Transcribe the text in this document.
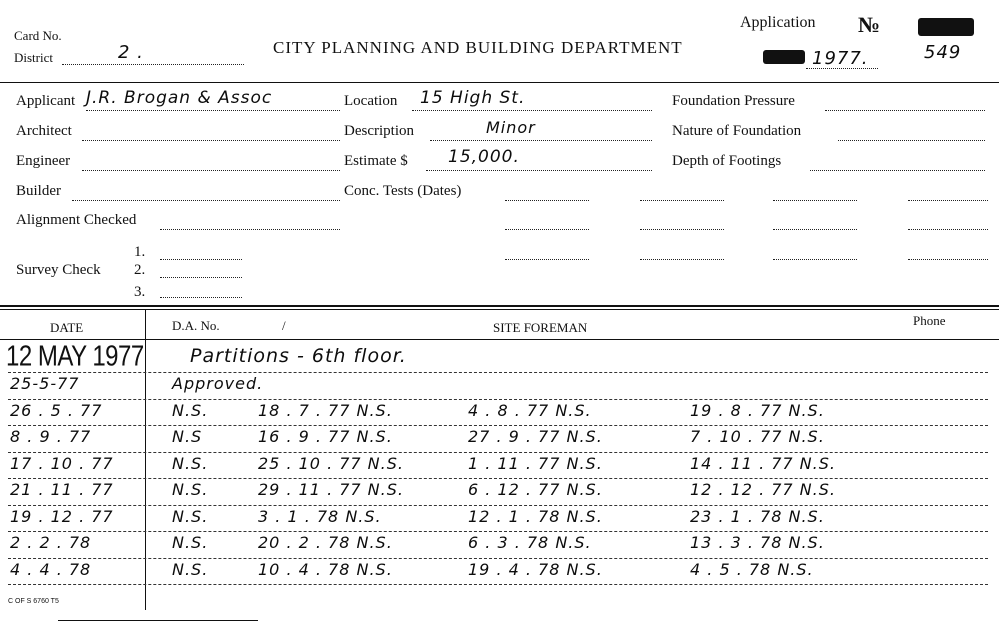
Card No.
District	2 .	CITY PLANNING AND BUILDING DEPARTMENT
Application №
1977.	549
Applicant J.R. Brogan & Assoc	Location 15 High St.	Foundation Pressure
Architect	Description	Minor	Nature of Foundation
Engineer	Estimate $ 15,000.	Depth of Footings
Builder	Conc. Tests (Dates)
Alignment Checked
1.
Survey Check 2.
3.
DATE	D.A. No.	/	SITE FOREMAN	Phone
12 MAY 1977 Partitions - 6th floor.
25-5-77	Approved.
26 . 5 . 77	N.S.	18 . 7 . 77 N.S.	4 . 8 . 77 N.S.	19 . 8 . 77 N.S.
8 . 9 . 77	N.S	16 . 9 . 77 N.S.	27 . 9 . 77 N.S.	7 . 10 . 77 N.S.
17 . 10 . 77	N.S.	25 . 10 . 77 N.S.	1 . 11 . 77 N.S.	14 . 11 . 77 N.S.
21 . 11 . 77	N.S.	29 . 11 . 77 N.S.	6 . 12 . 77 N.S.	12 . 12 . 77 N.S.
19 . 12 . 77	N.S.	3 . 1 . 78 N.S.	12 . 1 . 78 N.S.	23 . 1 . 78 N.S.
2 . 2 . 78	N.S.	20 . 2 . 78 N.S.	6 . 3 . 78 N.S.	13 . 3 . 78 N.S.
4 . 4 . 78	N.S.	10 . 4 . 78 N.S.	19 . 4 . 78 N.S.	4 . 5 . 78 N.S.
C OF S 6760 T5
